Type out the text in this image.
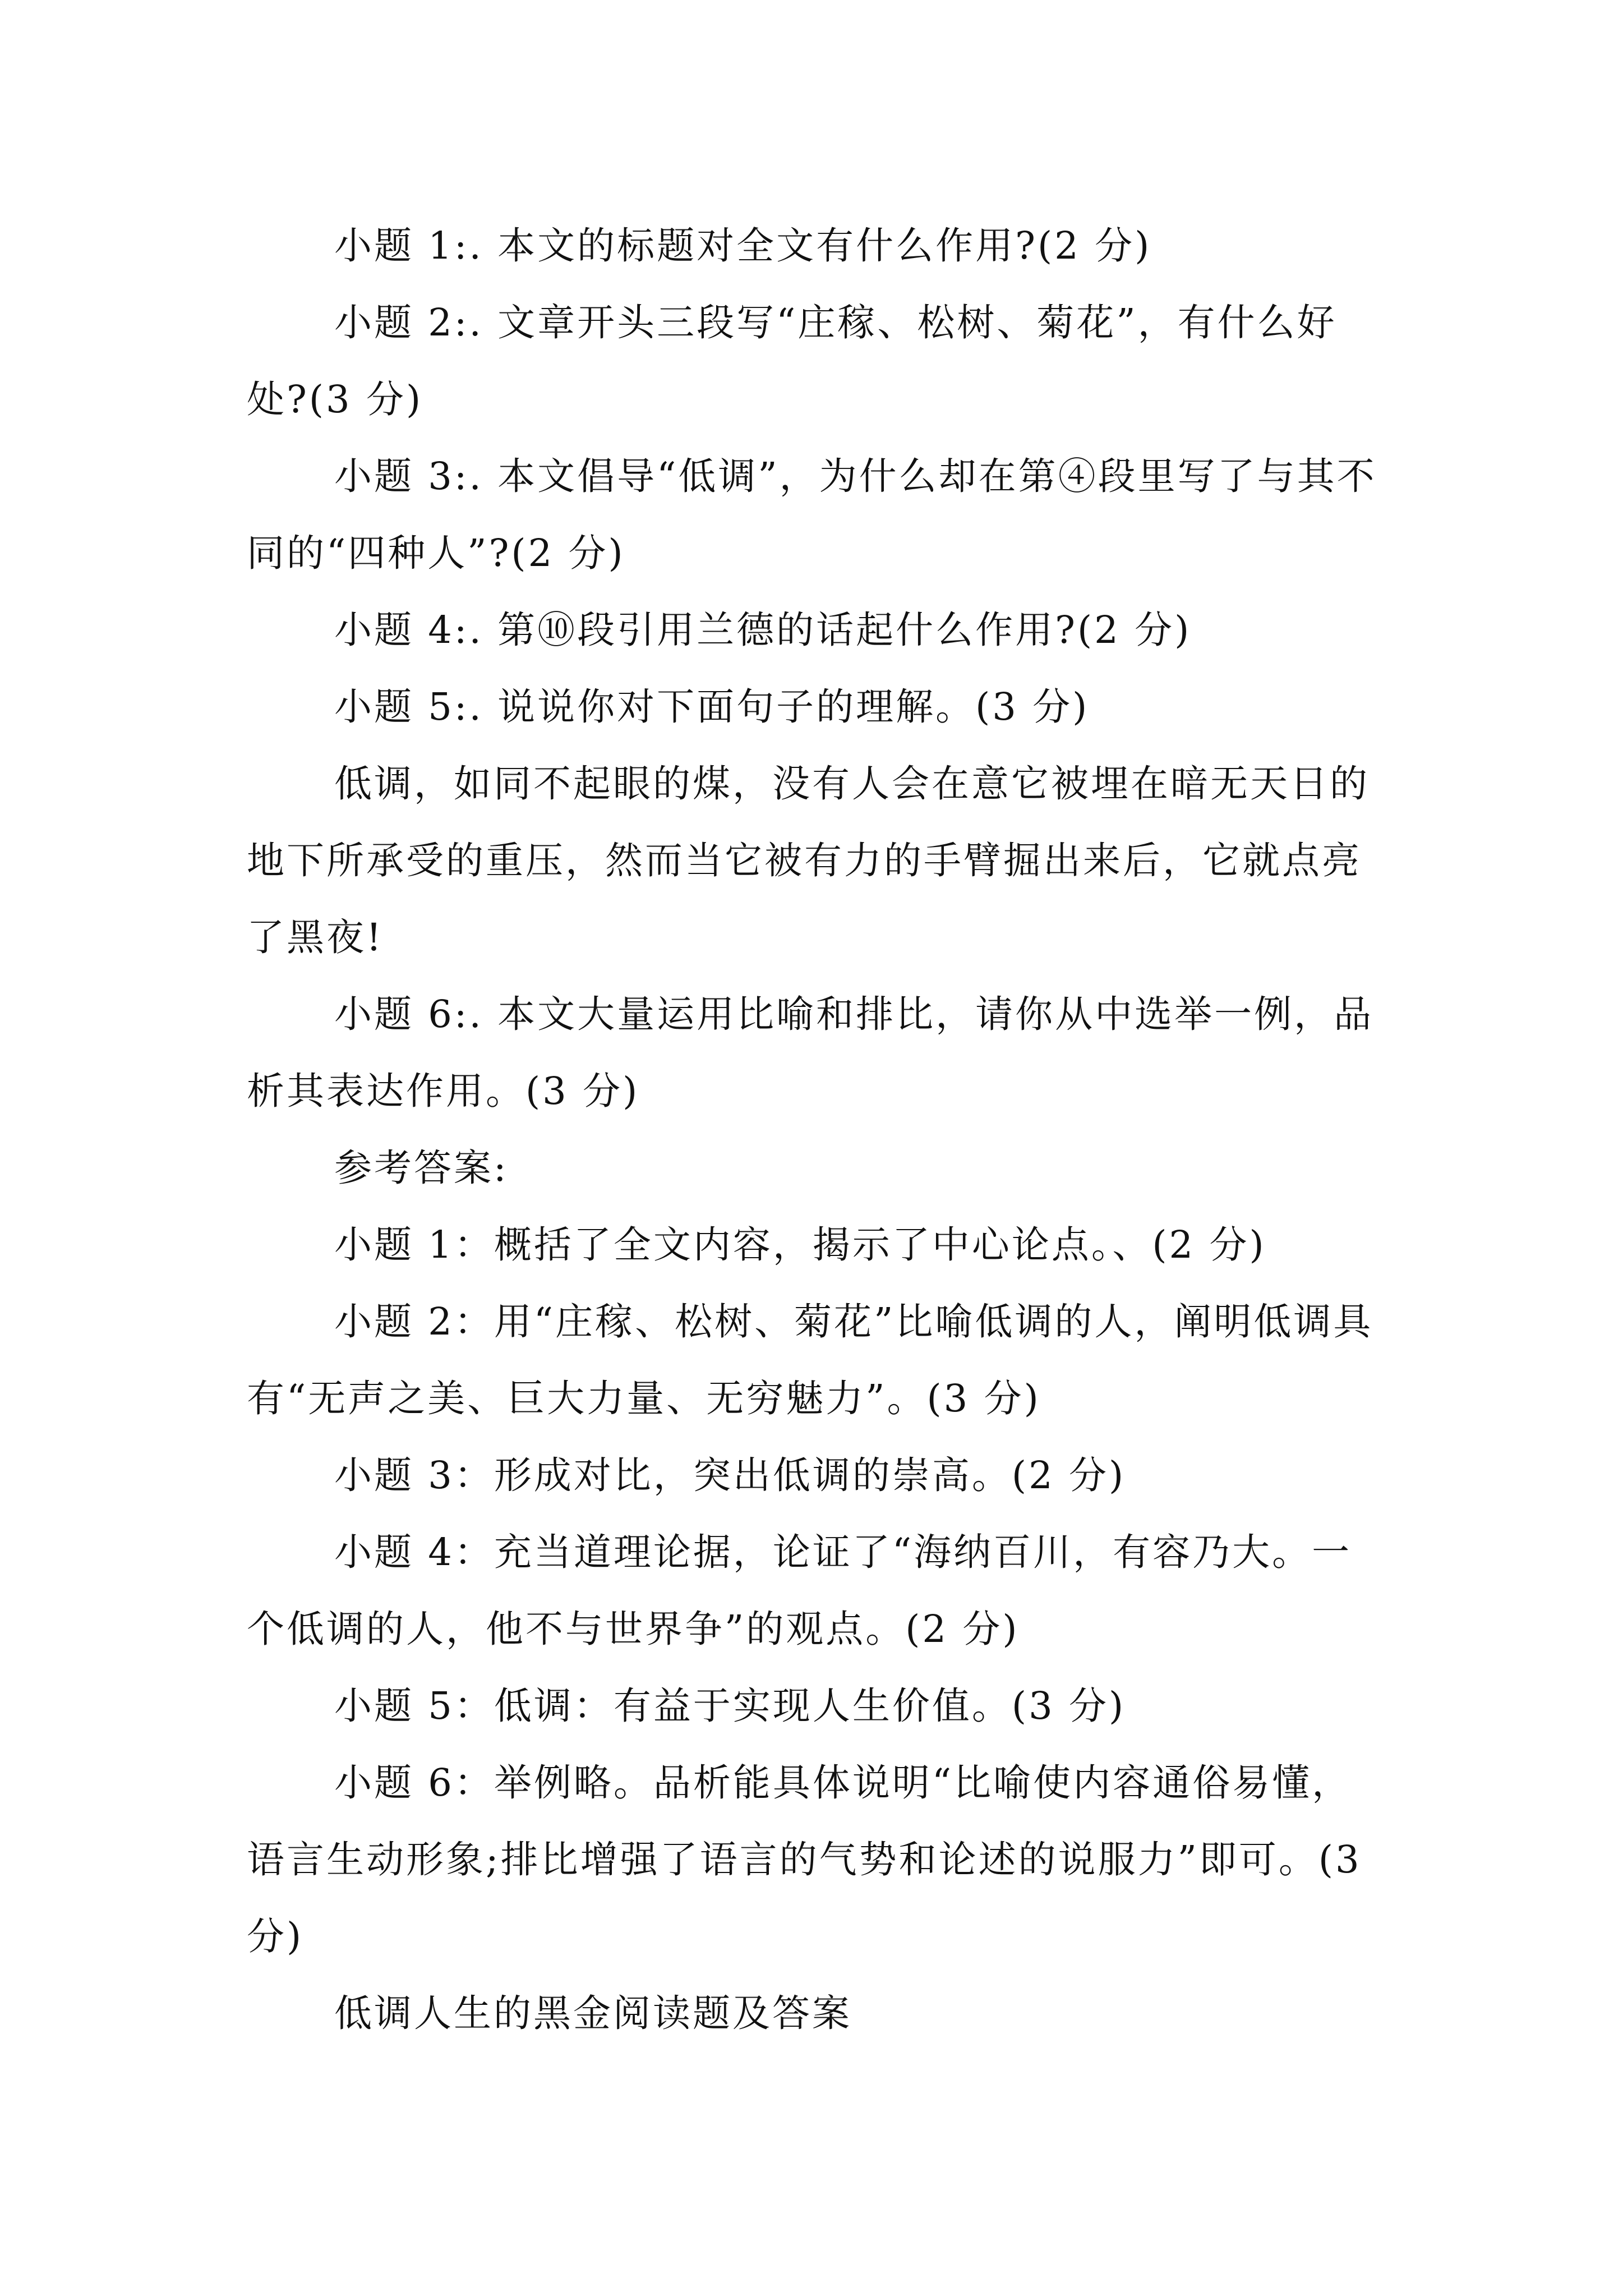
小题 1:. 本文的标题对全文有什么作用?(2 分)

小题 2:. 文章开头三段写“庄稼、松树、菊花”，有什么好处?(3 分)

小题 3:. 本文倡导“低调”，为什么却在第④段里写了与其不同的“四种人”?(2 分)

小题 4:. 第⑩段引用兰德的话起什么作用?(2 分)

小题 5:. 说说你对下面句子的理解。(3 分)

低调，如同不起眼的煤，没有人会在意它被埋在暗无天日的地下所承受的重压，然而当它被有力的手臂掘出来后，它就点亮了黑夜!

小题 6:. 本文大量运用比喻和排比，请你从中选举一例，品析其表达作用。(3 分)

参考答案:

小题 1：概括了全文内容，揭示了中心论点。、(2 分)

小题 2：用“庄稼、松树、菊花”比喻低调的人，阐明低调具有“无声之美、巨大力量、无穷魅力”。(3 分)

小题 3：形成对比，突出低调的崇高。(2 分)

小题 4：充当道理论据，论证了“海纳百川，有容乃大。一个低调的人，他不与世界争”的观点。(2 分)

小题 5：低调：有益于实现人生价值。(3 分)

小题 6：举例略。品析能具体说明“比喻使内容通俗易懂，语言生动形象;排比增强了语言的气势和论述的说服力”即可。(3 分)

低调人生的黑金阅读题及答案
